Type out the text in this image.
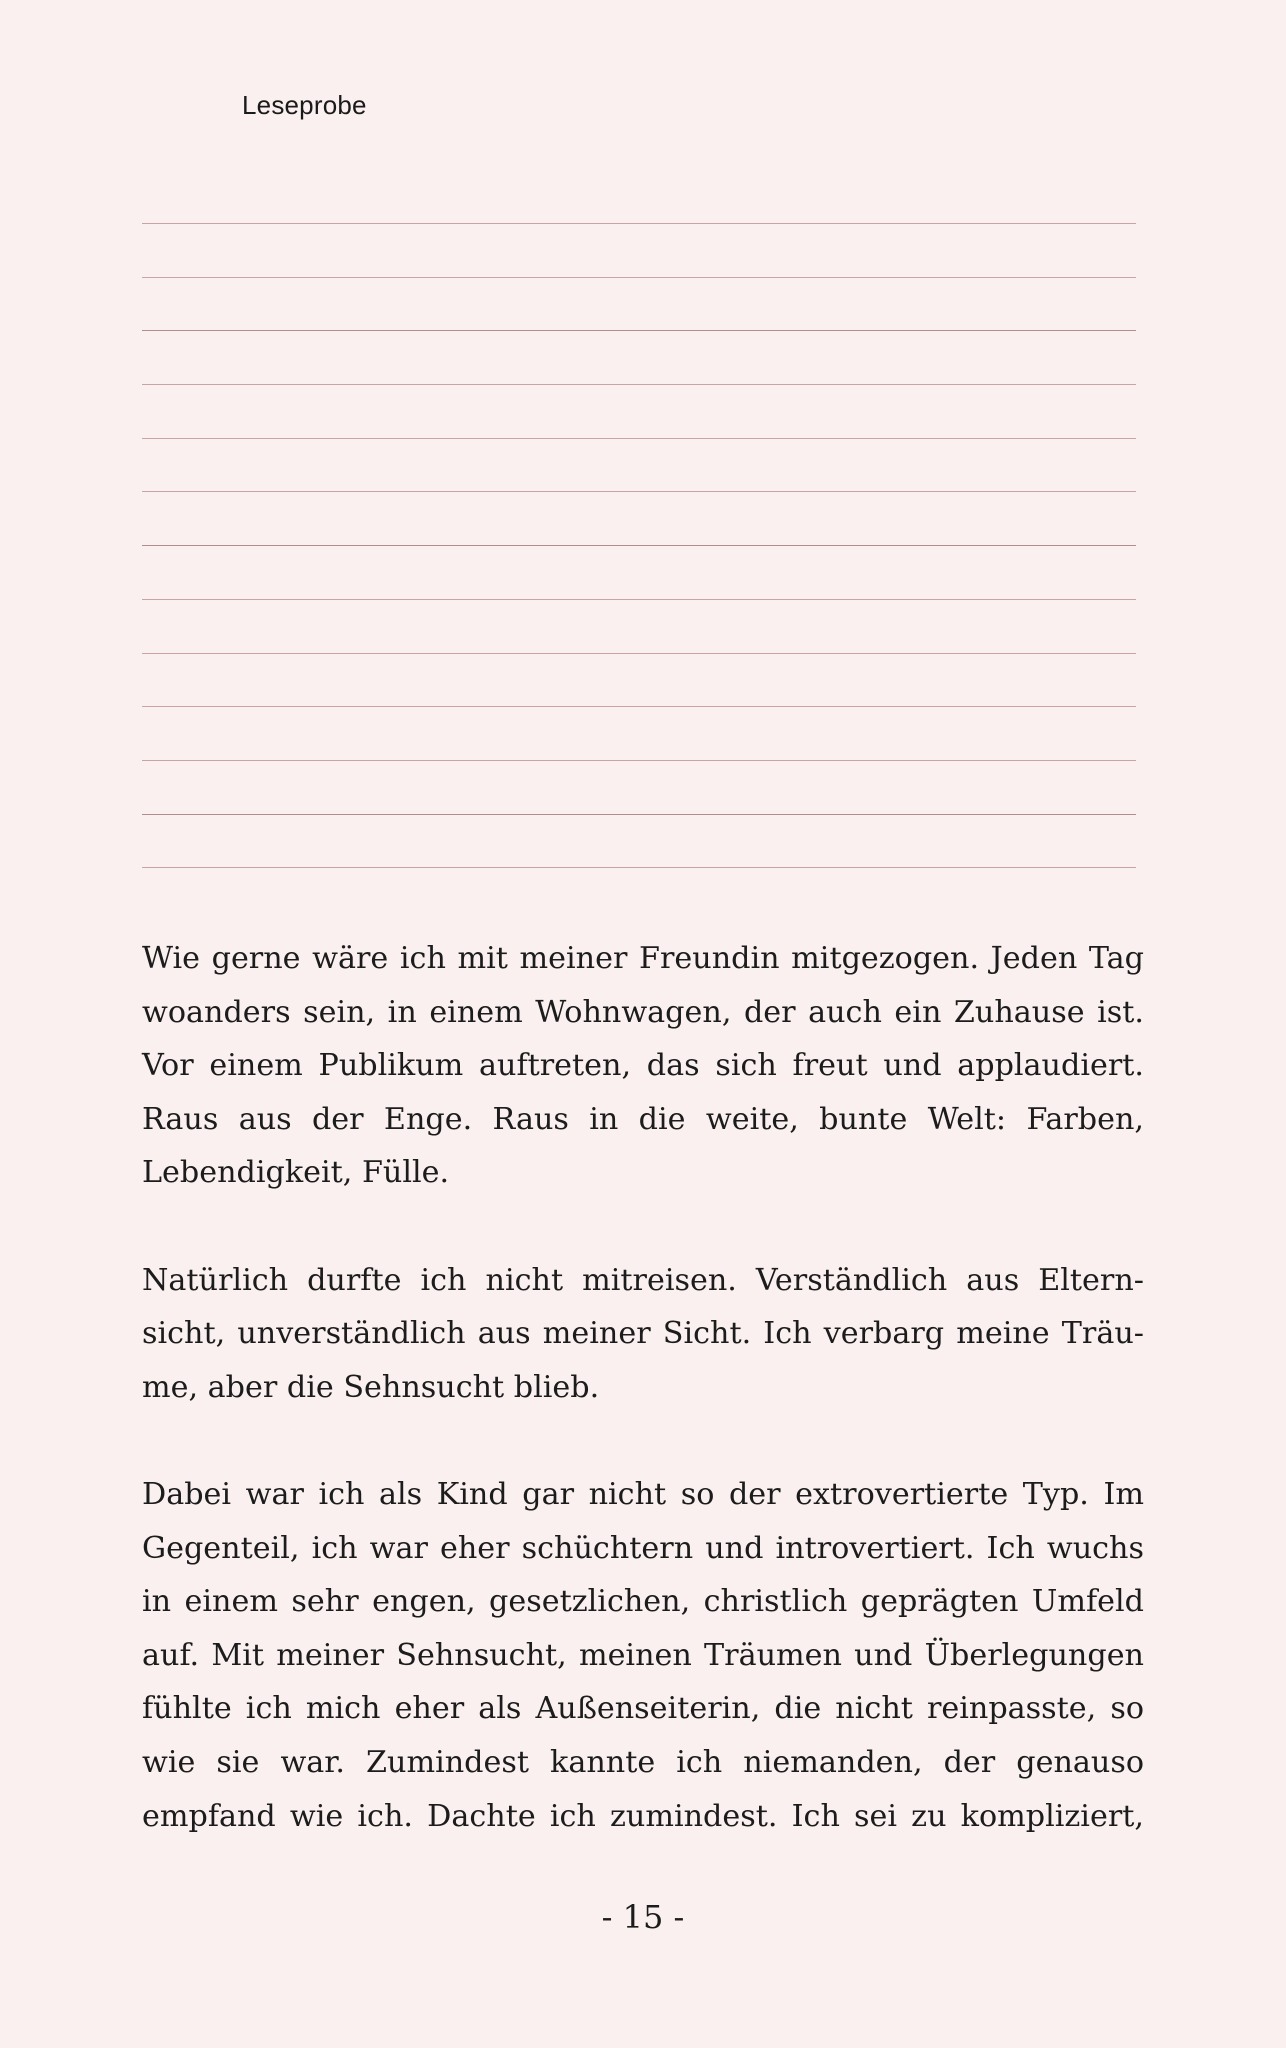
Leseprobe

Wie gerne wäre ich mit meiner Freundin mitgezogen. Jeden Tag woanders sein, in einem Wohnwagen, der auch ein Zuhause ist. Vor einem Publikum auftreten, das sich freut und applaudiert. Raus aus der Enge. Raus in die weite, bunte Welt: Farben, Lebendigkeit, Fülle.

Natürlich durfte ich nicht mitreisen. Verständlich aus Elternsicht, unverständlich aus meiner Sicht. Ich verbarg meine Träume, aber die Sehnsucht blieb.

Dabei war ich als Kind gar nicht so der extrovertierte Typ. Im Gegenteil, ich war eher schüchtern und introvertiert. Ich wuchs in einem sehr engen, gesetzlichen, christlich geprägten Umfeld auf. Mit meiner Sehnsucht, meinen Träumen und Überlegungen fühlte ich mich eher als Außenseiterin, die nicht reinpasste, so wie sie war. Zumindest kannte ich niemanden, der genauso empfand wie ich. Dachte ich zumindest. Ich sei zu kompliziert,

- 15 -
